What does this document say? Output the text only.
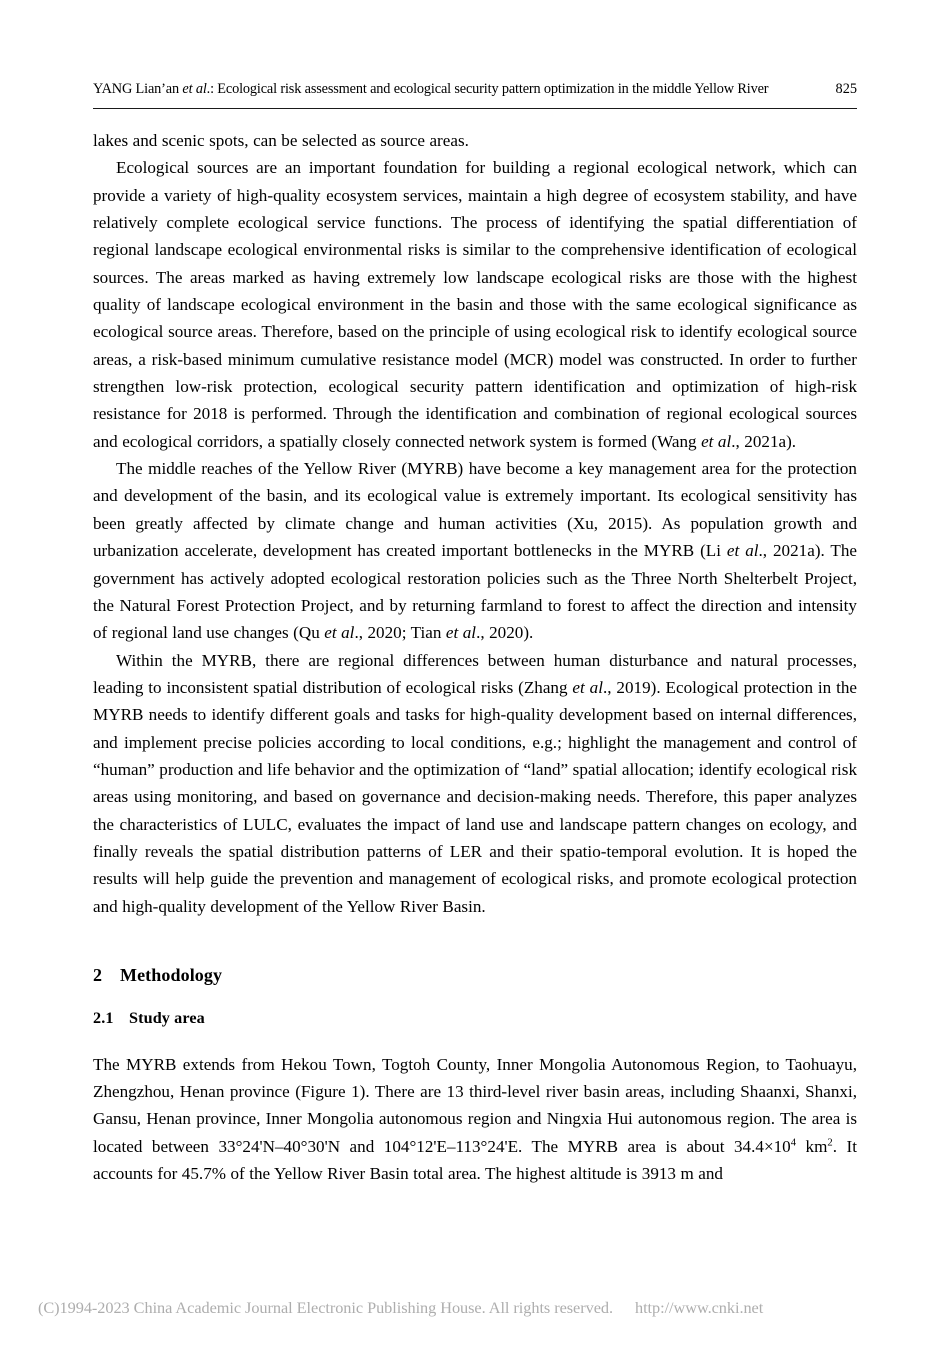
YANG Lian’an et al.: Ecological risk assessment and ecological security pattern optimization in the middle Yellow River	825

lakes and scenic spots, can be selected as source areas.

Ecological sources are an important foundation for building a regional ecological network, which can provide a variety of high-quality ecosystem services, maintain a high degree of ecosystem stability, and have relatively complete ecological service functions. The process of identifying the spatial differentiation of regional landscape ecological environmental risks is similar to the comprehensive identification of ecological sources. The areas marked as having extremely low landscape ecological risks are those with the highest quality of landscape ecological environment in the basin and those with the same ecological significance as ecological source areas. Therefore, based on the principle of using ecological risk to identify ecological source areas, a risk-based minimum cumulative resistance model (MCR) model was constructed. In order to further strengthen low-risk protection, ecological security pattern identification and optimization of high-risk resistance for 2018 is performed. Through the identification and combination of regional ecological sources and ecological corridors, a spatially closely connected network system is formed (Wang et al., 2021a).

The middle reaches of the Yellow River (MYRB) have become a key management area for the protection and development of the basin, and its ecological value is extremely important. Its ecological sensitivity has been greatly affected by climate change and human activities (Xu, 2015). As population growth and urbanization accelerate, development has created important bottlenecks in the MYRB (Li et al., 2021a). The government has actively adopted ecological restoration policies such as the Three North Shelterbelt Project, the Natural Forest Protection Project, and by returning farmland to forest to affect the direction and intensity of regional land use changes (Qu et al., 2020; Tian et al., 2020).

Within the MYRB, there are regional differences between human disturbance and natural processes, leading to inconsistent spatial distribution of ecological risks (Zhang et al., 2019). Ecological protection in the MYRB needs to identify different goals and tasks for high-quality development based on internal differences, and implement precise policies according to local conditions, e.g.; highlight the management and control of “human” production and life behavior and the optimization of “land” spatial allocation; identify ecological risk areas using monitoring, and based on governance and decision-making needs. Therefore, this paper analyzes the characteristics of LULC, evaluates the impact of land use and landscape pattern changes on ecology, and finally reveals the spatial distribution patterns of LER and their spatio-temporal evolution. It is hoped the results will help guide the prevention and management of ecological risks, and promote ecological protection and high-quality development of the Yellow River Basin.

2 Methodology
2.1 Study area

The MYRB extends from Hekou Town, Togtoh County, Inner Mongolia Autonomous Region, to Taohuayu, Zhengzhou, Henan province (Figure 1). There are 13 third-level river basin areas, including Shaanxi, Shanxi, Gansu, Henan province, Inner Mongolia autonomous region and Ningxia Hui autonomous region. The area is located between 33°24'N–40°30'N and 104°12'E–113°24'E. The MYRB area is about $34.4\times 10^4$ $km^2$. It accounts for 45.7% of the Yellow River Basin total area. The highest altitude is 3913 m and

(C)1994-2023 China Academic Journal Electronic Publishing House. All rights reserved. http://www.cnki.net
